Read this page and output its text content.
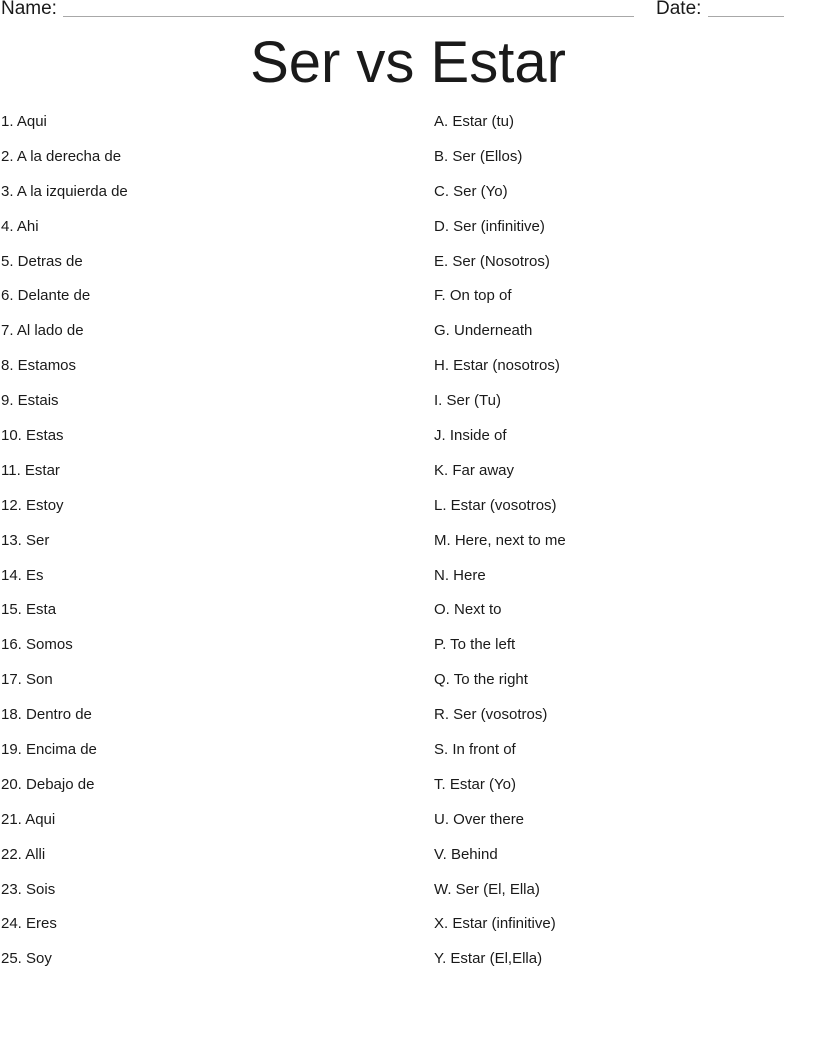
Name:	Date:
Ser vs Estar
1. Aqui
2. A la derecha de
3. A la izquierda de
4. Ahi
5. Detras de
6. Delante de
7. Al lado de
8. Estamos
9. Estais
10. Estas
11. Estar
12. Estoy
13. Ser
14. Es
15. Esta
16. Somos
17. Son
18. Dentro de
19. Encima de
20. Debajo de
21. Aqui
22. Alli
23. Sois
24. Eres
25. Soy
A. Estar (tu)
B. Ser (Ellos)
C. Ser (Yo)
D. Ser (infinitive)
E. Ser (Nosotros)
F. On top of
G. Underneath
H. Estar (nosotros)
I. Ser (Tu)
J. Inside of
K. Far away
L. Estar (vosotros)
M. Here, next to me
N. Here
O. Next to
P. To the left
Q. To the right
R. Ser (vosotros)
S. In front of
T. Estar (Yo)
U. Over there
V. Behind
W. Ser (El, Ella)
X. Estar (infinitive)
Y. Estar (El,Ella)
